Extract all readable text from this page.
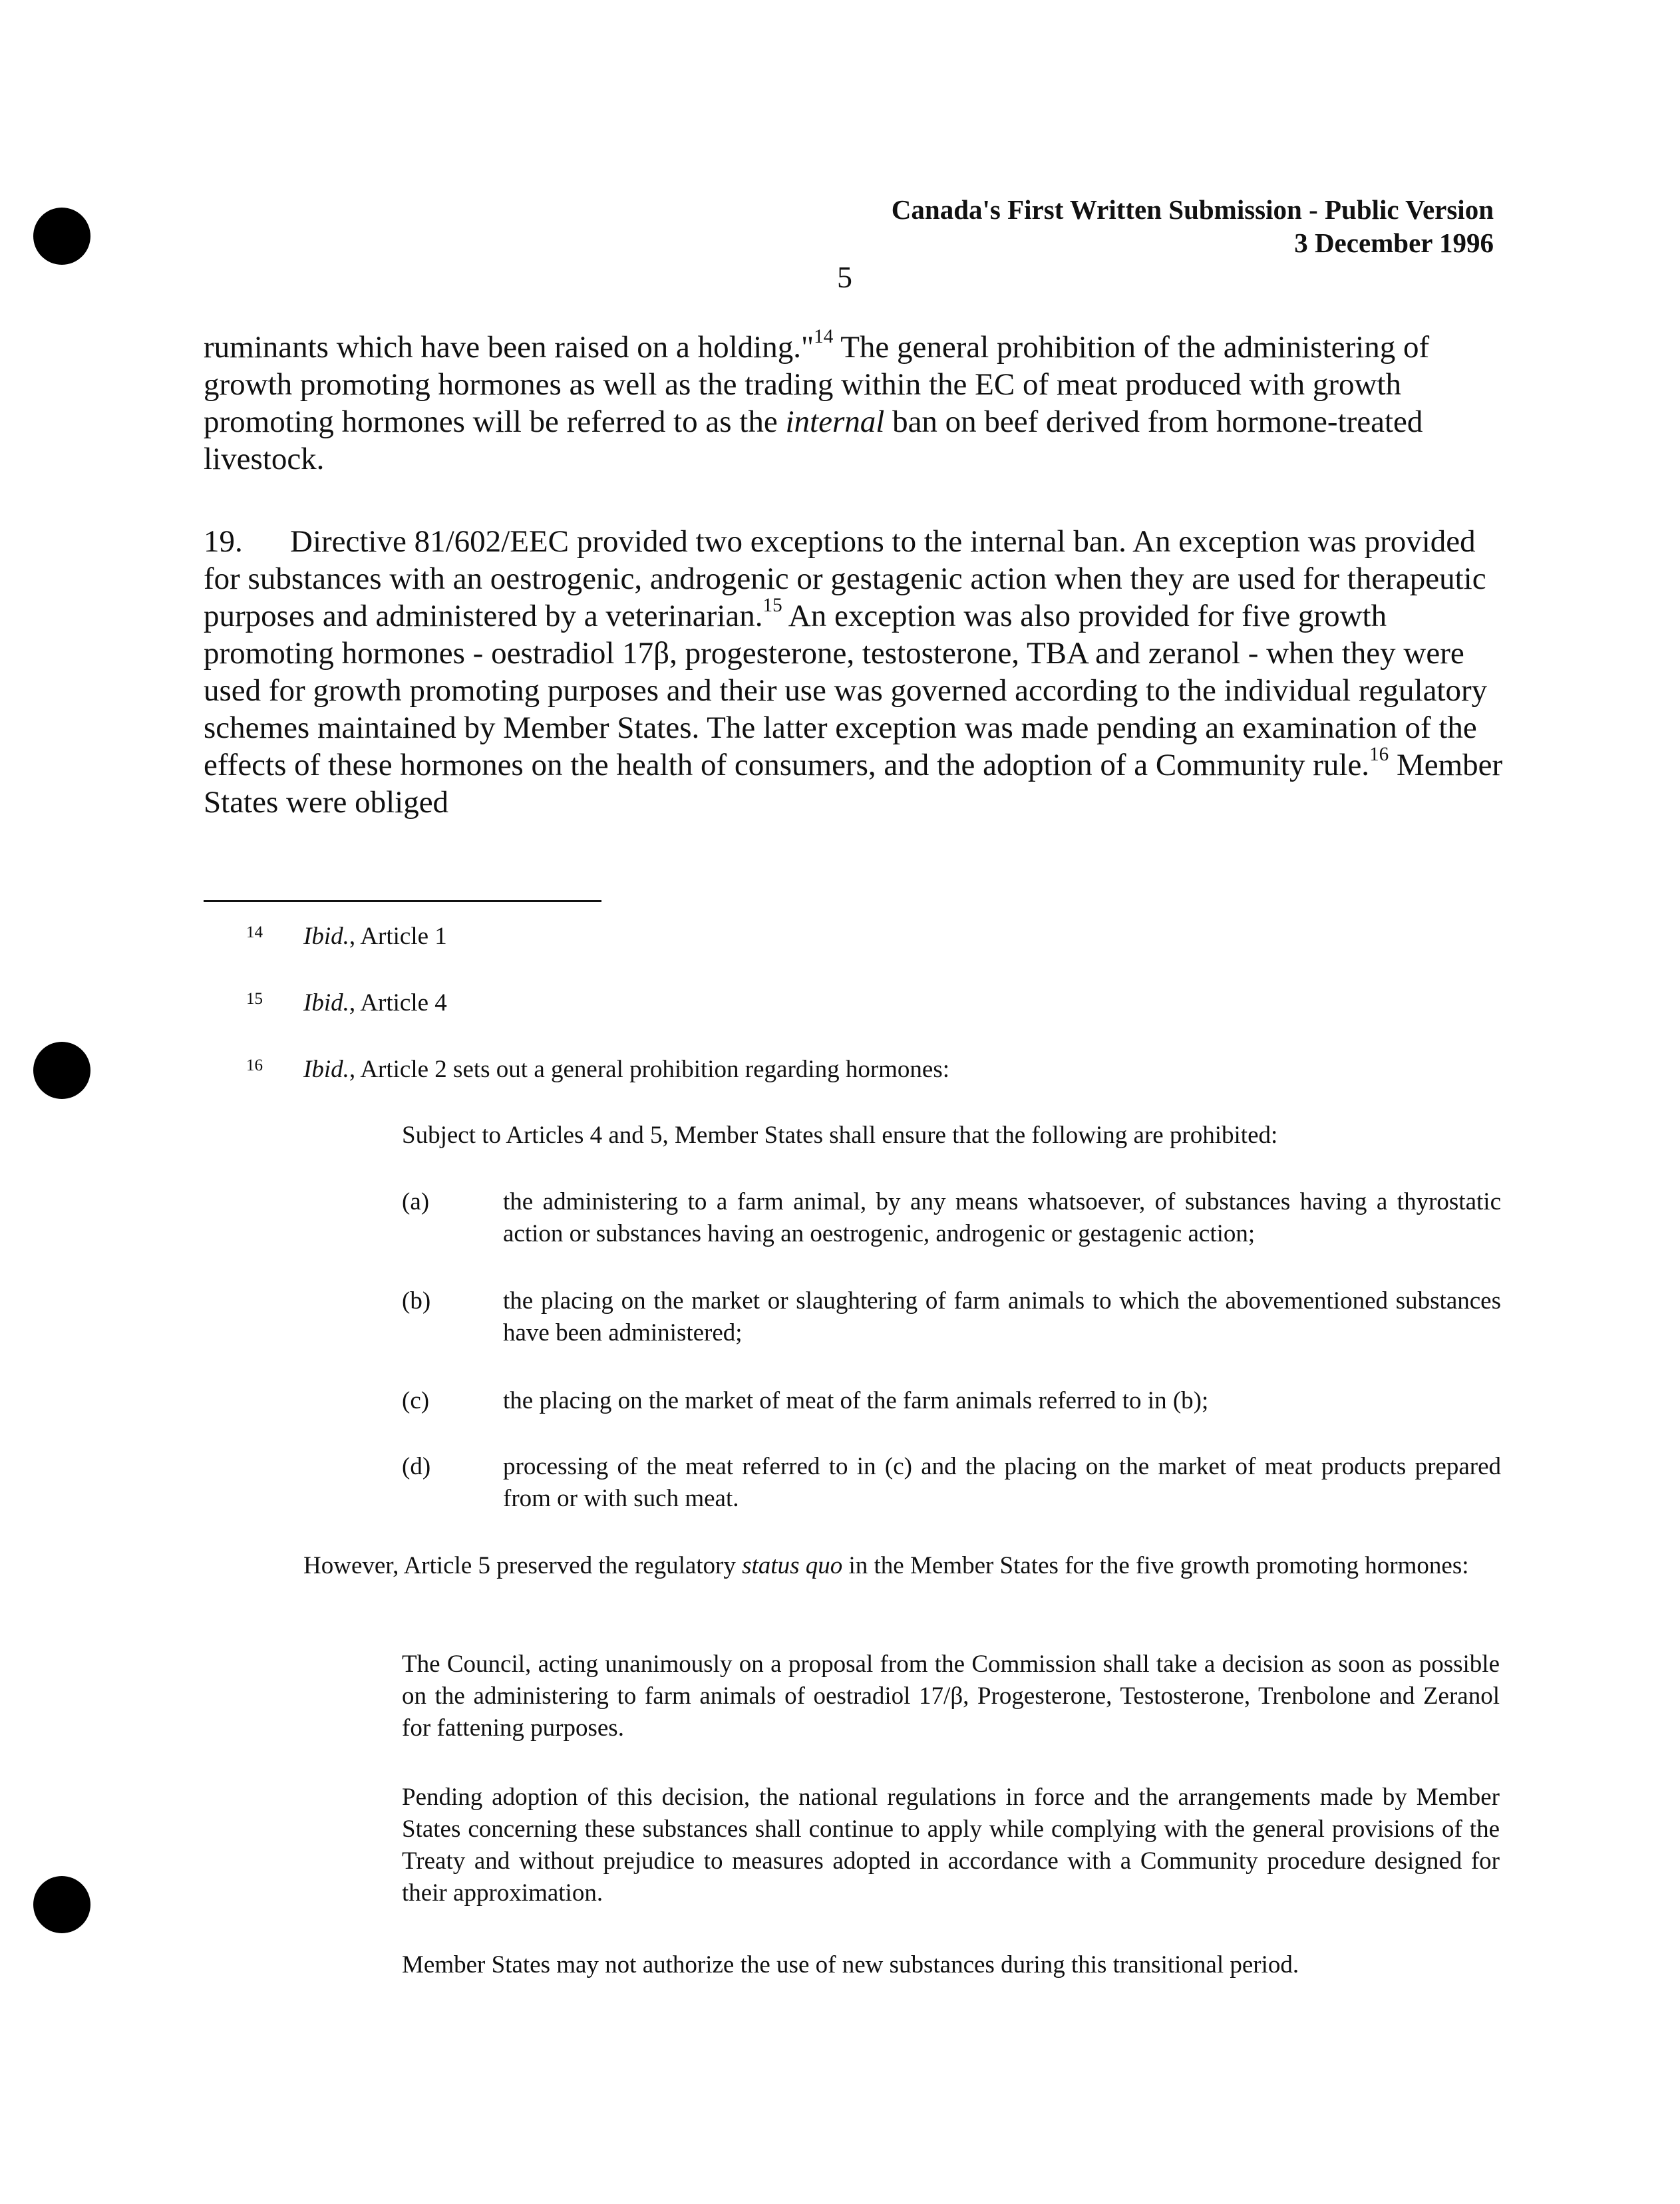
Canada's First Written Submission - Public Version
3 December 1996
5

ruminants which have been raised on a holding."$^{14}$ The general prohibition of the administering of growth promoting hormones as well as the trading within the EC of meat produced with growth promoting hormones will be referred to as the internal ban on beef derived from hormone-treated livestock.

19. Directive 81/602/EEC provided two exceptions to the internal ban. An exception was provided for substances with an oestrogenic, androgenic or gestagenic action when they are used for therapeutic purposes and administered by a veterinarian.$^{15}$ An exception was also provided for five growth promoting hormones - oestradiol 17β, progesterone, testosterone, TBA and zeranol - when they were used for growth promoting purposes and their use was governed according to the individual regulatory schemes maintained by Member States. The latter exception was made pending an examination of the effects of these hormones on the health of consumers, and the adoption of a Community rule.$^{16}$ Member States were obliged

14 Ibid., Article 1
15 Ibid., Article 4
16 Ibid., Article 2 sets out a general prohibition regarding hormones:
Subject to Articles 4 and 5, Member States shall ensure that the following are prohibited:
(a)	the administering to a farm animal, by any means whatsoever, of substances having a thyrostatic action or substances having an oestrogenic, androgenic or gestagenic action;
(b)	the placing on the market or slaughtering of farm animals to which the abovementioned substances have been administered;
(c)	the placing on the market of meat of the farm animals referred to in (b);
(d)	processing of the meat referred to in (c) and the placing on the market of meat products prepared from or with such meat.
However, Article 5 preserved the regulatory status quo in the Member States for the five growth promoting hormones:
The Council, acting unanimously on a proposal from the Commission shall take a decision as soon as possible on the administering to farm animals of oestradiol 17/β, Progesterone, Testosterone, Trenbolone and Zeranol for fattening purposes.
Pending adoption of this decision, the national regulations in force and the arrangements made by Member States concerning these substances shall continue to apply while complying with the general provisions of the Treaty and without prejudice to measures adopted in accordance with a Community procedure designed for their approximation.
Member States may not authorize the use of new substances during this transitional period.
